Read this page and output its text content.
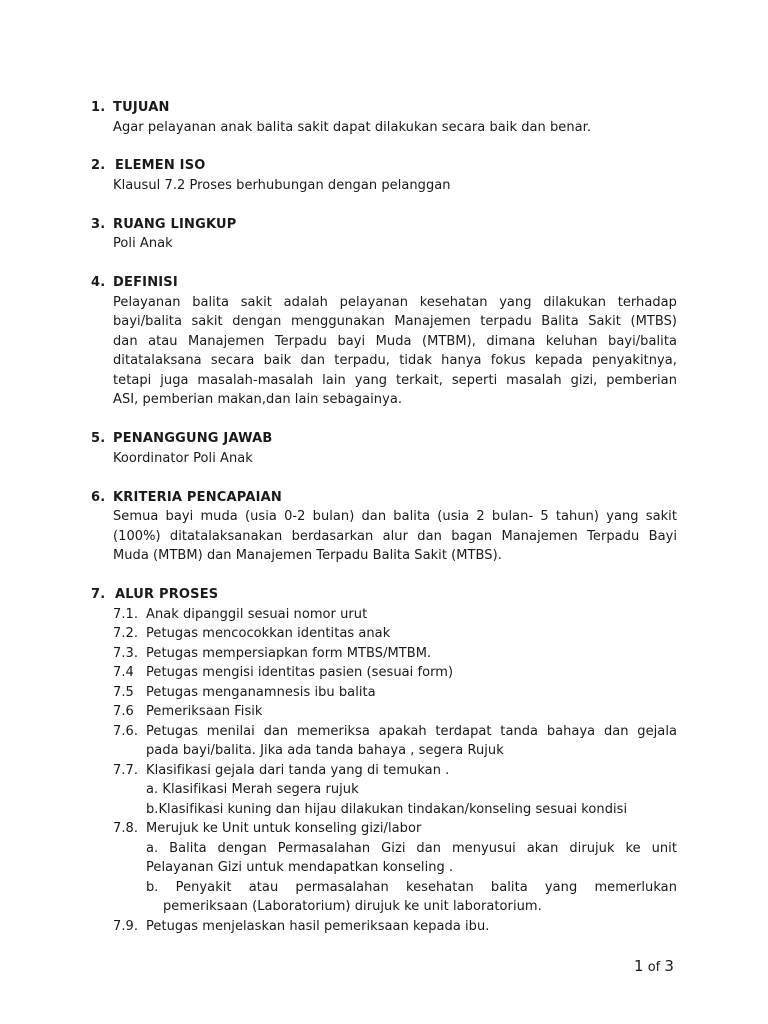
1. TUJUAN
Agar pelayanan anak balita sakit dapat dilakukan secara baik dan benar.
2. ELEMEN ISO
Klausul 7.2 Proses berhubungan dengan pelanggan
3. RUANG LINGKUP
Poli Anak
4. DEFINISI
Pelayanan balita sakit adalah pelayanan kesehatan yang dilakukan terhadap
bayi/balita sakit dengan menggunakan Manajemen terpadu Balita Sakit (MTBS)
dan atau Manajemen Terpadu bayi Muda (MTBM), dimana keluhan bayi/balita
ditatalaksana secara baik dan terpadu, tidak hanya fokus kepada penyakitnya,
tetapi juga masalah-masalah lain yang terkait, seperti masalah gizi, pemberian
ASI, pemberian makan,dan lain sebagainya.
5. PENANGGUNG JAWAB
Koordinator Poli Anak
6. KRITERIA PENCAPAIAN
Semua bayi muda (usia 0-2 bulan) dan balita (usia 2 bulan- 5 tahun) yang sakit
(100%) ditatalaksanakan berdasarkan alur dan bagan Manajemen Terpadu Bayi
Muda (MTBM) dan Manajemen Terpadu Balita Sakit (MTBS).
7. ALUR PROSES
7.1. Anak dipanggil sesuai nomor urut
7.2. Petugas mencocokkan identitas anak
7.3. Petugas mempersiapkan form MTBS/MTBM.
7.4 Petugas mengisi identitas pasien (sesuai form)
7.5 Petugas menganamnesis ibu balita
7.6 Pemeriksaan Fisik
7.6. Petugas menilai dan memeriksa apakah terdapat tanda bahaya dan gejala
pada bayi/balita. Jika ada tanda bahaya , segera Rujuk
7.7. Klasifikasi gejala dari tanda yang di temukan .
a. Klasifikasi Merah segera rujuk
b.Klasifikasi kuning dan hijau dilakukan tindakan/konseling sesuai kondisi
7.8. Merujuk ke Unit untuk konseling gizi/labor
a. Balita dengan Permasalahan Gizi dan menyusui akan dirujuk ke unit
Pelayanan Gizi untuk mendapatkan konseling .
b. Penyakit atau permasalahan kesehatan balita yang memerlukan
pemeriksaan (Laboratorium) dirujuk ke unit laboratorium.
7.9. Petugas menjelaskan hasil pemeriksaan kepada ibu.
1 of 3
